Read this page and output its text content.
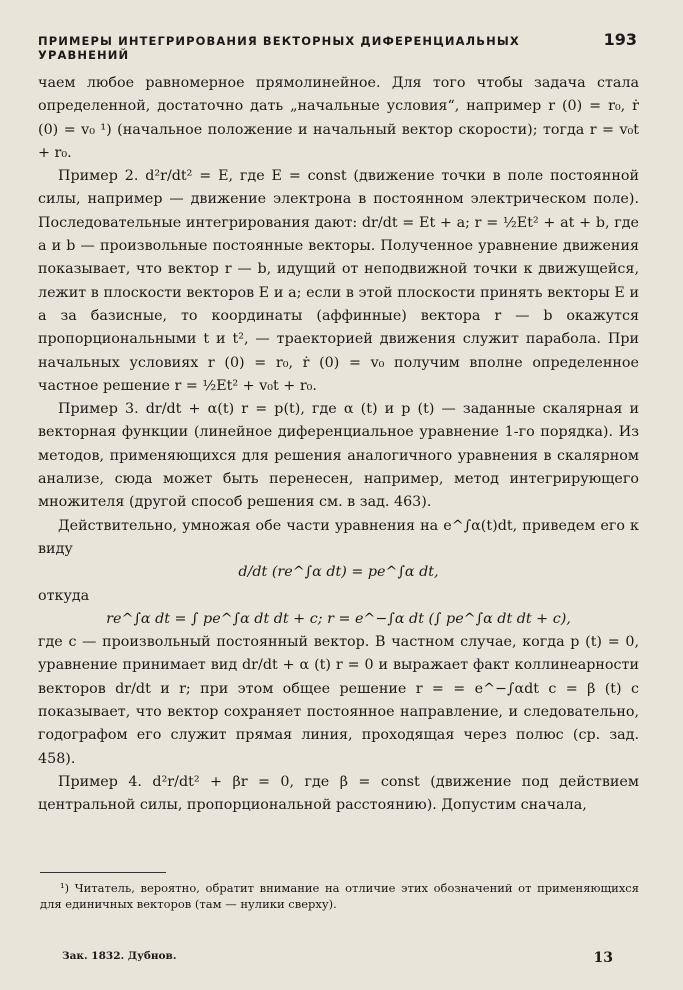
ПРИМЕРЫ ИНТЕГРИРОВАНИЯ ВЕКТОРНЫХ ДИФЕРЕНЦИАЛЬНЫХ УРАВНЕНИЙ
193

чаем любое равномерное прямолинейное. Для того чтобы задача стала определенной, достаточно дать „начальные условия“, например r (0) = r₀, ṙ (0) = v₀ ¹) (начальное положение и начальный вектор скорости); тогда r = v₀t + r₀.

Пример 2. d²r/dt² = E, где E = const (движение точки в поле постоянной силы, например — движение электрона в постоянном электрическом поле). Последовательные интегрирования дают: dr/dt = Et + a; r = ½Et² + at + b, где a и b — произвольные постоянные векторы. Полученное уравнение движения показывает, что вектор r — b, идущий от неподвижной точки к движущейся, лежит в плоскости векторов E и a; если в этой плоскости принять векторы E и a за базисные, то координаты (аффинные) вектора r — b окажутся пропорциональными t и t², — траекторией движения служит парабола. При начальных условиях r (0) = r₀, ṙ (0) = v₀ получим вполне определенное частное решение r = ½Et² + v₀t + r₀.

Пример 3. dr/dt + α(t) r = p(t), где α (t) и p (t) — заданные скалярная и векторная функции (линейное диференциальное уравнение 1-го порядка). Из методов, применяющихся для решения аналогичного уравнения в скалярном анализе, сюда может быть перенесен, например, метод интегрирующего множителя (другой способ решения см. в зад. 463).

Действительно, умножая обе части уравнения на e^∫α(t)dt, приведем его к виду

d/dt (re^∫α dt) = pe^∫α dt,

откуда

re^∫α dt = ∫ pe^∫α dt dt + c; r = e^−∫α dt (∫ pe^∫α dt dt + c),

где c — произвольный постоянный вектор. В частном случае, когда p (t) = 0, уравнение принимает вид dr/dt + α (t) r = 0 и выражает факт коллинеарности векторов dr/dt и r; при этом общее решение r = = e^−∫αdt c = β (t) c показывает, что вектор сохраняет постоянное направление, и следовательно, годографом его служит прямая линия, проходящая через полюс (ср. зад. 458).

Пример 4. d²r/dt² + βr = 0, где β = const (движение под действием центральной силы, пропорциональной расстоянию). Допустим сначала,

¹) Читатель, вероятно, обратит внимание на отличие этих обозначений от применяющихся для единичных векторов (там — нулики сверху).

Зак. 1832. Дубнов.	13
